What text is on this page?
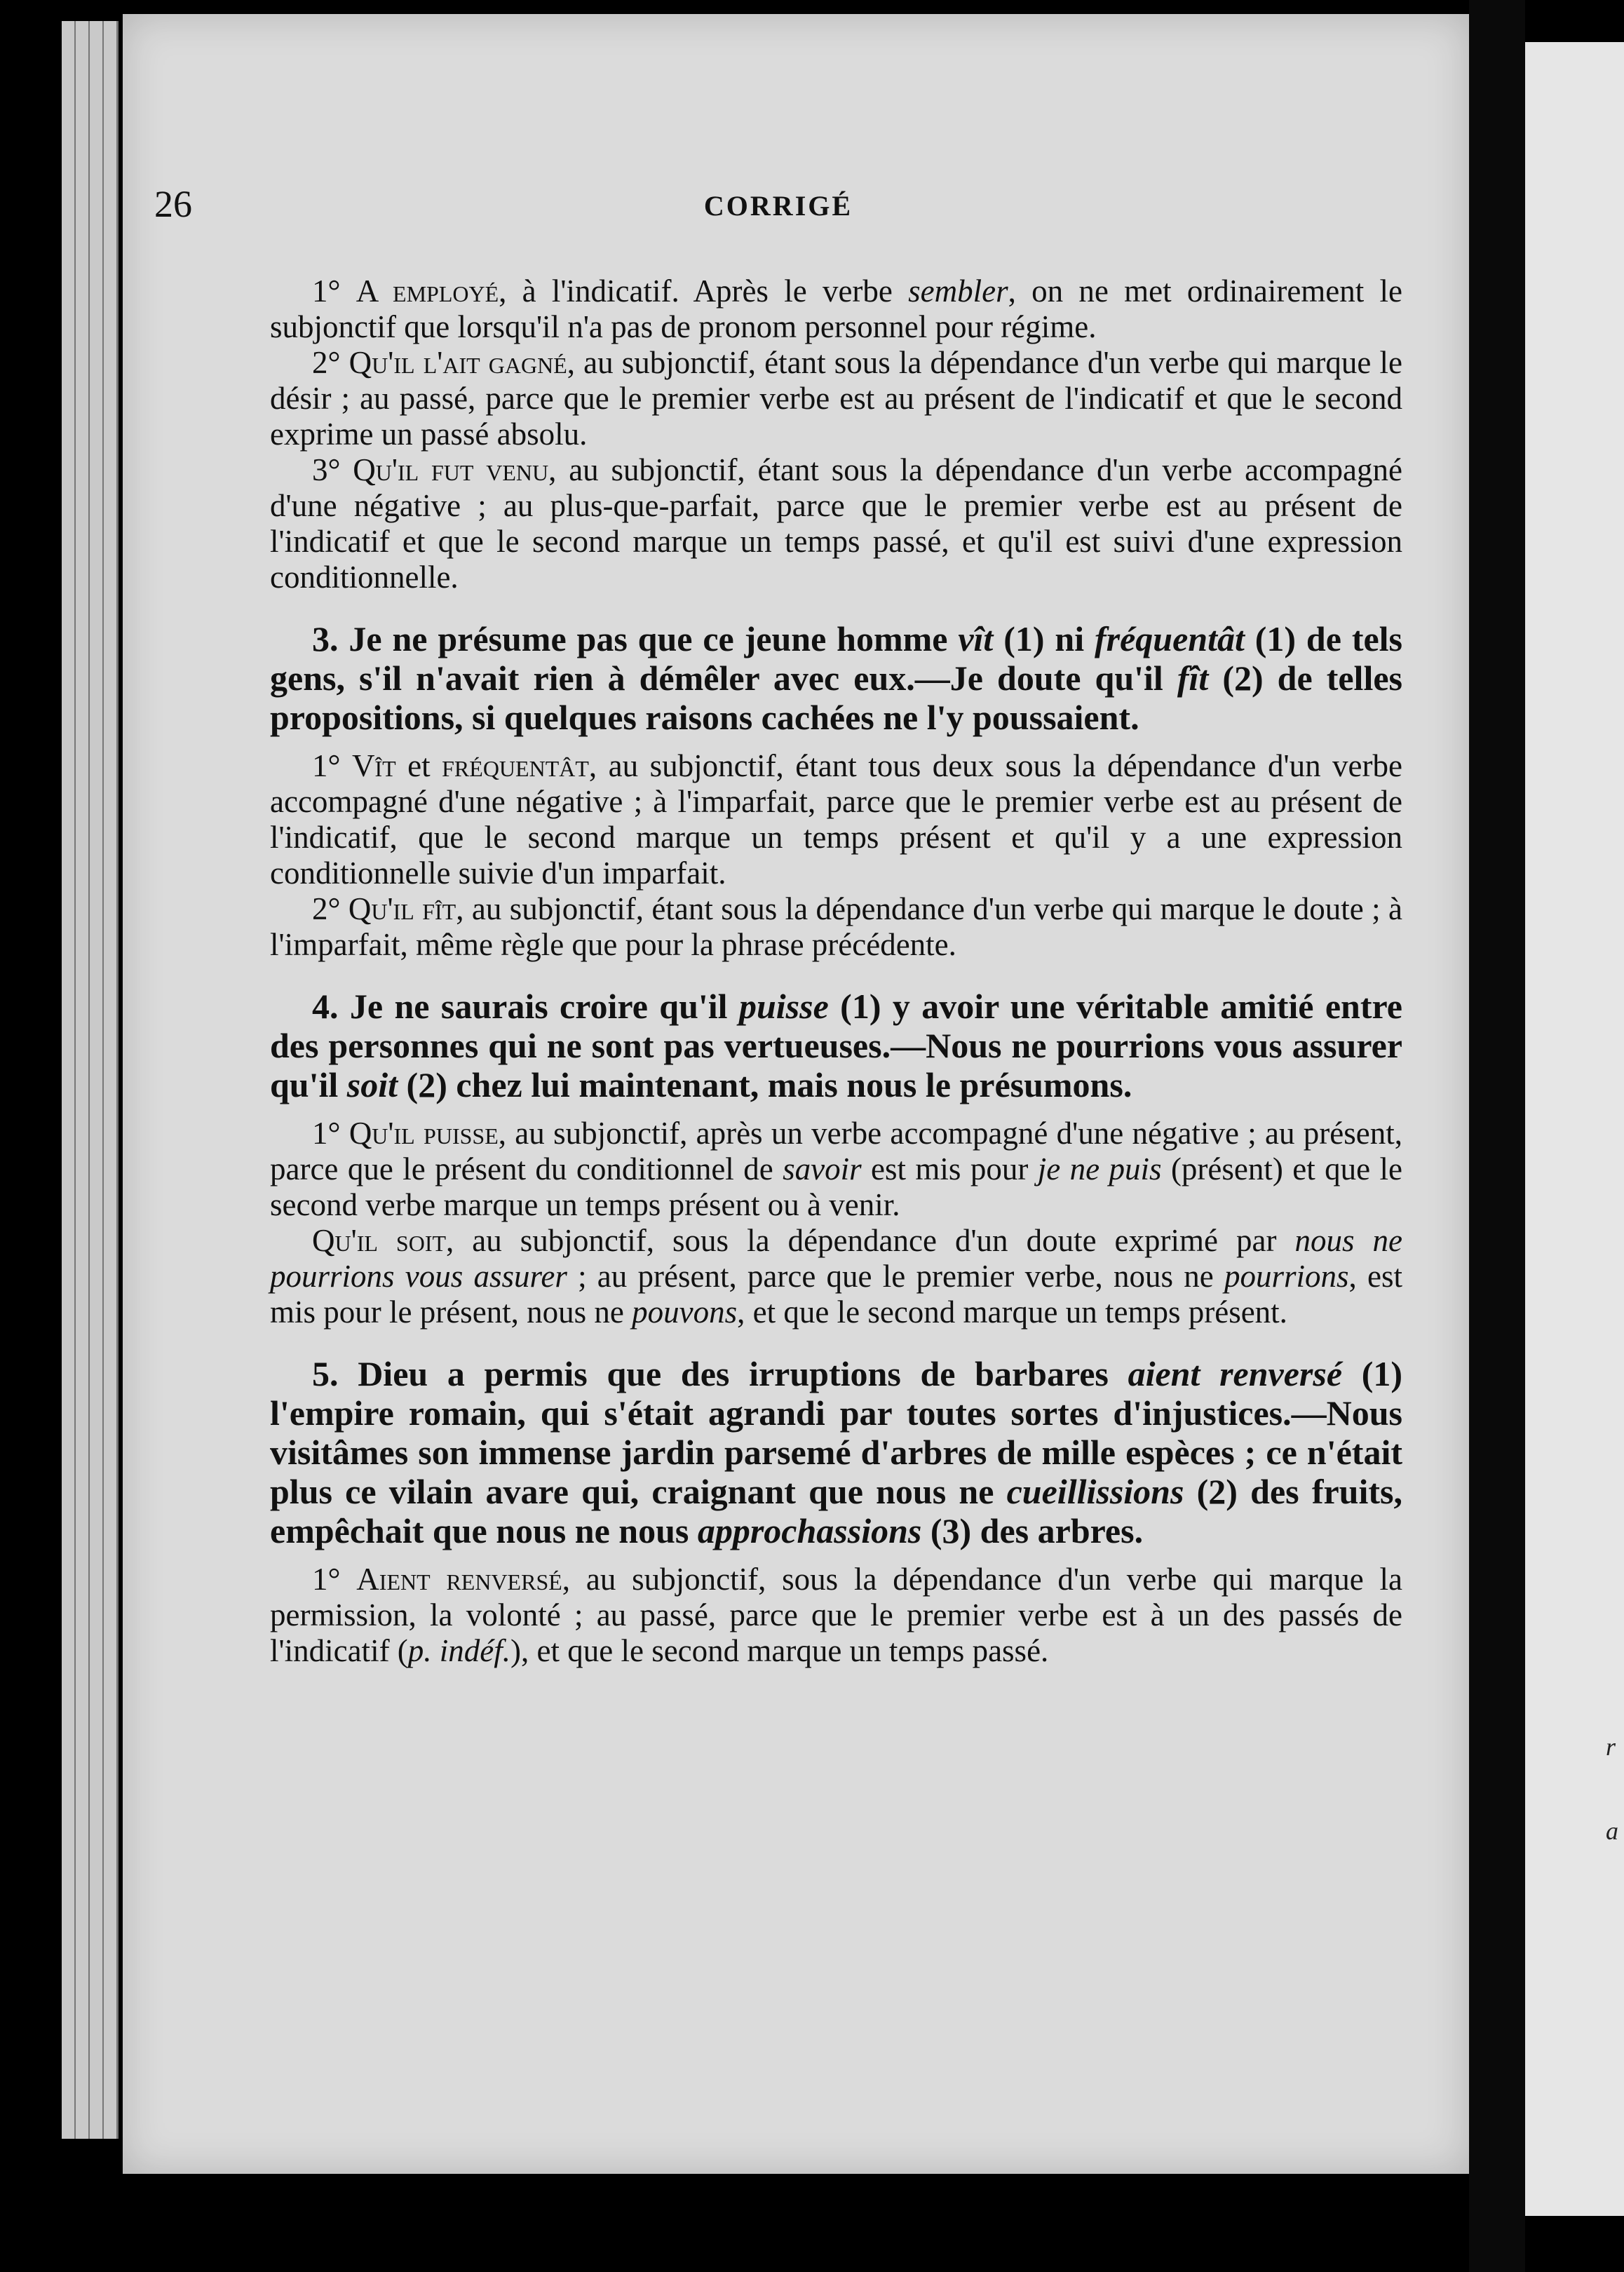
r
a
26	CORRIGÉ

1° A employé, à l'indicatif. Après le verbe sembler, on ne met ordinairement le subjonctif que lorsqu'il n'a pas de pronom personnel pour régime.

2° Qu'il l'ait gagné, au subjonctif, étant sous la dépendance d'un verbe qui marque le désir ; au passé, parce que le premier verbe est au présent de l'indicatif et que le second exprime un passé absolu.

3° Qu'il fut venu, au subjonctif, étant sous la dépendance d'un verbe accompagné d'une négative ; au plus-que-parfait, parce que le premier verbe est au présent de l'indicatif et que le second marque un temps passé, et qu'il est suivi d'une expression conditionnelle.

3. Je ne présume pas que ce jeune homme vît (1) ni fréquentât (1) de tels gens, s'il n'avait rien à démêler avec eux.—Je doute qu'il fît (2) de telles propositions, si quelques raisons cachées ne l'y poussaient.

1° Vît et fréquentât, au subjonctif, étant tous deux sous la dépendance d'un verbe accompagné d'une négative ; à l'imparfait, parce que le premier verbe est au présent de l'indicatif, que le second marque un temps présent et qu'il y a une expression conditionnelle suivie d'un imparfait.

2° Qu'il fît, au subjonctif, étant sous la dépendance d'un verbe qui marque le doute ; à l'imparfait, même règle que pour la phrase précédente.

4. Je ne saurais croire qu'il puisse (1) y avoir une véritable amitié entre des personnes qui ne sont pas vertueuses.—Nous ne pourrions vous assurer qu'il soit (2) chez lui maintenant, mais nous le présumons.

1° Qu'il puisse, au subjonctif, après un verbe accompagné d'une négative ; au présent, parce que le présent du conditionnel de savoir est mis pour je ne puis (présent) et que le second verbe marque un temps présent ou à venir.

Qu'il soit, au subjonctif, sous la dépendance d'un doute exprimé par nous ne pourrions vous assurer ; au présent, parce que le premier verbe, nous ne pourrions, est mis pour le présent, nous ne pouvons, et que le second marque un temps présent.

5. Dieu a permis que des irruptions de barbares aient renversé (1) l'empire romain, qui s'était agrandi par toutes sortes d'injustices.—Nous visitâmes son immense jardin parsemé d'arbres de mille espèces ; ce n'était plus ce vilain avare qui, craignant que nous ne cueillissions (2) des fruits, empêchait que nous ne nous approchassions (3) des arbres.

1° Aient renversé, au subjonctif, sous la dépendance d'un verbe qui marque la permission, la volonté ; au passé, parce que le premier verbe est à un des passés de l'indicatif (p. indéf.), et que le second marque un temps passé.
